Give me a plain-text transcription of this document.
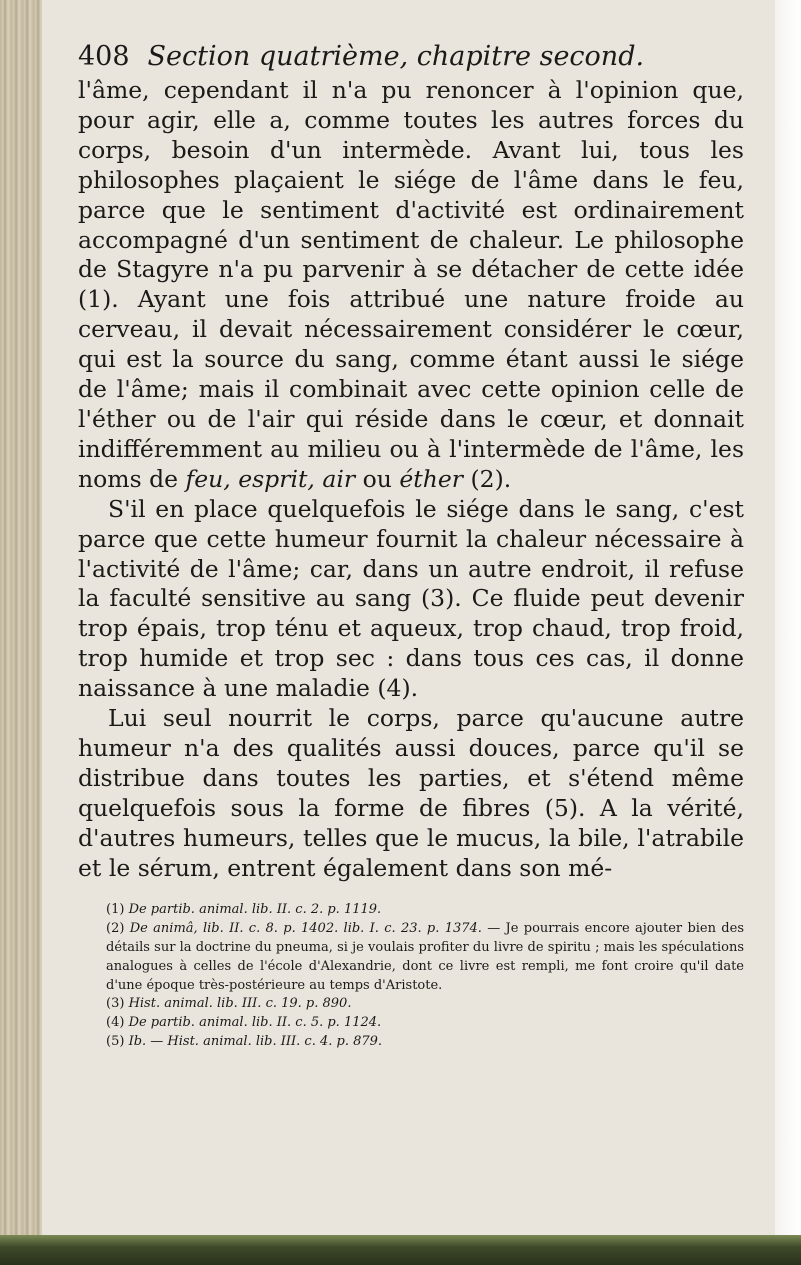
408 Section quatrième, chapitre second.

l'âme, cependant il n'a pu renoncer à l'opinion que, pour agir, elle a, comme toutes les autres forces du corps, besoin d'un intermède. Avant lui, tous les philosophes plaçaient le siége de l'âme dans le feu, parce que le sentiment d'activité est ordinairement accompagné d'un sentiment de chaleur. Le philosophe de Stagyre n'a pu parvenir à se détacher de cette idée (1). Ayant une fois attribué une nature froide au cerveau, il devait nécessairement considérer le cœur, qui est la source du sang, comme étant aussi le siége de l'âme; mais il combinait avec cette opinion celle de l'éther ou de l'air qui réside dans le cœur, et donnait indifféremment au milieu ou à l'intermède de l'âme, les noms de feu, esprit, air ou éther (2).

S'il en place quelquefois le siége dans le sang, c'est parce que cette humeur fournit la chaleur nécessaire à l'activité de l'âme; car, dans un autre endroit, il refuse la faculté sensitive au sang (3). Ce fluide peut devenir trop épais, trop ténu et aqueux, trop chaud, trop froid, trop humide et trop sec : dans tous ces cas, il donne naissance à une maladie (4).

Lui seul nourrit le corps, parce qu'aucune autre humeur n'a des qualités aussi douces, parce qu'il se distribue dans toutes les parties, et s'étend même quelquefois sous la forme de fibres (5). A la vérité, d'autres humeurs, telles que le mucus, la bile, l'atrabile et le sérum, entrent également dans son mé-

(1) De partib. animal. lib. II. c. 2. p. 1119.

(2) De animâ, lib. II. c. 8. p. 1402. lib. I. c. 23. p. 1374. — Je pourrais encore ajouter bien des détails sur la doctrine du pneuma, si je voulais profiter du livre de spiritu ; mais les spéculations analogues à celles de l'école d'Alexandrie, dont ce livre est rempli, me font croire qu'il date d'une époque très-postérieure au temps d'Aristote.

(3) Hist. animal. lib. III. c. 19. p. 890.

(4) De partib. animal. lib. II. c. 5. p. 1124.

(5) Ib. — Hist. animal. lib. III. c. 4. p. 879.
